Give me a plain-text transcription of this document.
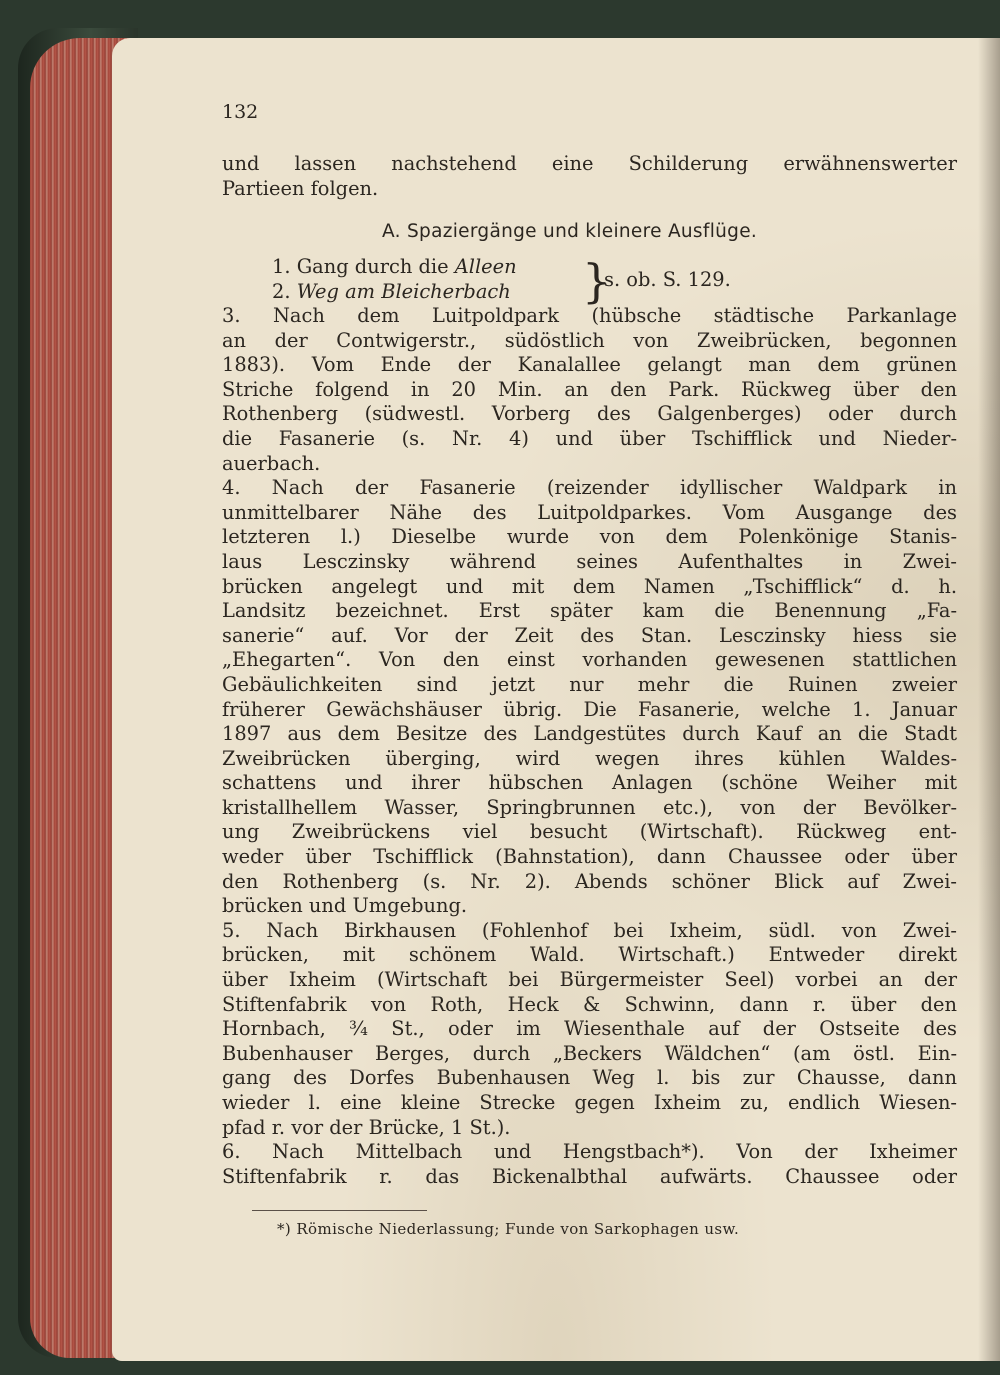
132
und lassen nachstehend eine Schilderung erwähnenswerter
Partieen folgen.
A. Spaziergänge und kleinere Ausflüge.
1. Gang durch die Alleen
2. Weg am Bleicherbach }
s. ob. S. 129.
3. Nach dem Luitpoldpark (hübsche städtische Parkanlage
an der Contwigerstr., südöstlich von Zweibrücken, begonnen
1883). Vom Ende der Kanalallee gelangt man dem grünen
Striche folgend in 20 Min. an den Park. Rückweg über den
Rothenberg (südwestl. Vorberg des Galgenberges) oder durch
die Fasanerie (s. Nr. 4) und über Tschifflick und Nieder-
auerbach.
4. Nach der Fasanerie (reizender idyllischer Waldpark in
unmittelbarer Nähe des Luitpoldparkes. Vom Ausgange des
letzteren l.) Dieselbe wurde von dem Polenkönige Stanis-
laus Lesczinsky während seines Aufenthaltes in Zwei-
brücken angelegt und mit dem Namen „Tschifflick“ d. h.
Landsitz bezeichnet. Erst später kam die Benennung „Fa-
sanerie“ auf. Vor der Zeit des Stan. Lesczinsky hiess sie
„Ehegarten“. Von den einst vorhanden gewesenen stattlichen
Gebäulichkeiten sind jetzt nur mehr die Ruinen zweier
früherer Gewächshäuser übrig. Die Fasanerie, welche 1. Januar
1897 aus dem Besitze des Landgestütes durch Kauf an die Stadt
Zweibrücken überging, wird wegen ihres kühlen Waldes-
schattens und ihrer hübschen Anlagen (schöne Weiher mit
kristallhellem Wasser, Springbrunnen etc.), von der Bevölker-
ung Zweibrückens viel besucht (Wirtschaft). Rückweg ent-
weder über Tschifflick (Bahnstation), dann Chaussee oder über
den Rothenberg (s. Nr. 2). Abends schöner Blick auf Zwei-
brücken und Umgebung.
5. Nach Birkhausen (Fohlenhof bei Ixheim, südl. von Zwei-
brücken, mit schönem Wald. Wirtschaft.) Entweder direkt
über Ixheim (Wirtschaft bei Bürgermeister Seel) vorbei an der
Stiftenfabrik von Roth, Heck & Schwinn, dann r. über den
Hornbach, ¾ St., oder im Wiesenthale auf der Ostseite des
Bubenhauser Berges, durch „Beckers Wäldchen“ (am östl. Ein-
gang des Dorfes Bubenhausen Weg l. bis zur Chausse, dann
wieder l. eine kleine Strecke gegen Ixheim zu, endlich Wiesen-
pfad r. vor der Brücke, 1 St.).
6. Nach Mittelbach und Hengstbach*). Von der Ixheimer
Stiftenfabrik r. das Bickenalbthal aufwärts. Chaussee oder
*) Römische Niederlassung; Funde von Sarkophagen usw.
